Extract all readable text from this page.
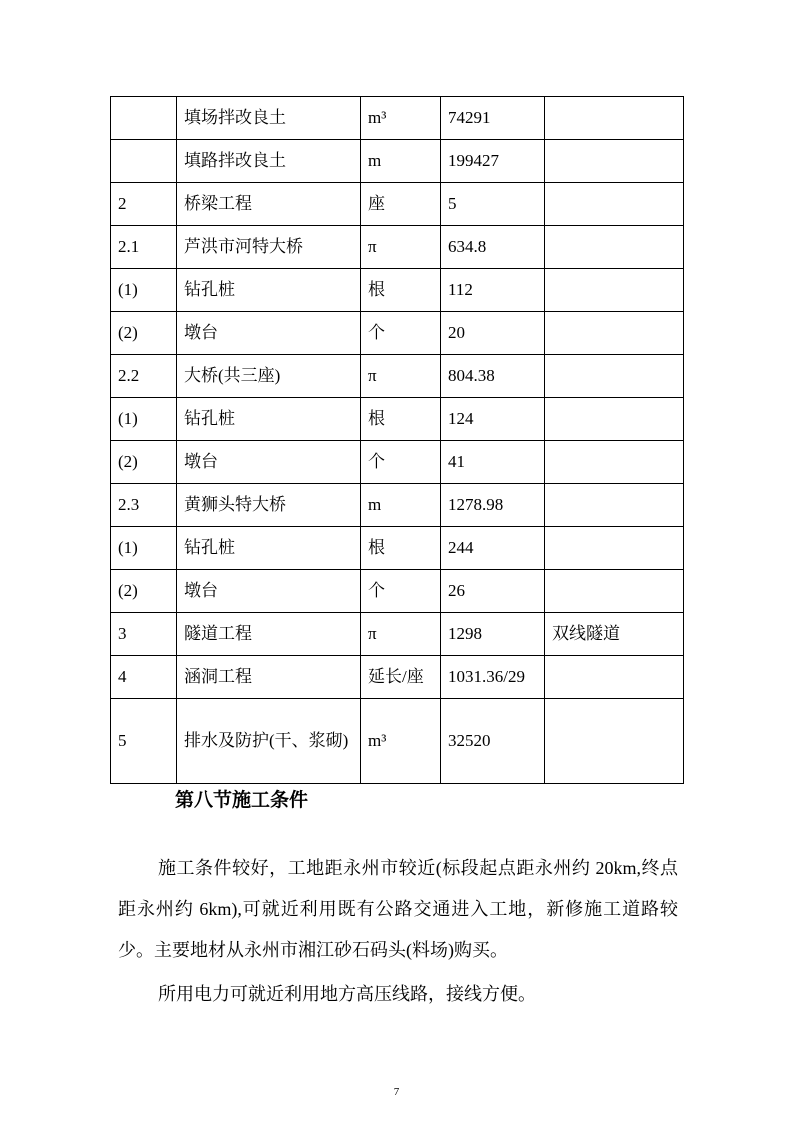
	填场拌改良土	m³	74291	
	填路拌改良土	m	199427	
2	桥梁工程	座	5	
2.1	芦洪市河特大桥	π	634.8	
(1)	钻孔桩	根	112	
(2)	墩台	个	20	
2.2	大桥(共三座)	π	804.38	
(1)	钻孔桩	根	124	
(2)	墩台	个	41	
2.3	黄狮头特大桥	m	1278.98	
(1)	钻孔桩	根	244	
(2)	墩台	个	26	
3	隧道工程	π	1298	双线隧道
4	涵洞工程	延长/座	1031.36/29	
5	排水及防护(干、浆砌)	m³	32520	
第八节施工条件
施工条件较好，工地距永州市较近(标段起点距永州约 20km,终点距永州约 6km),可就近利用既有公路交通进入工地，新修施工道路较少。主要地材从永州市湘江砂石码头(料场)购买。
所用电力可就近利用地方高压线路，接线方便。
7
